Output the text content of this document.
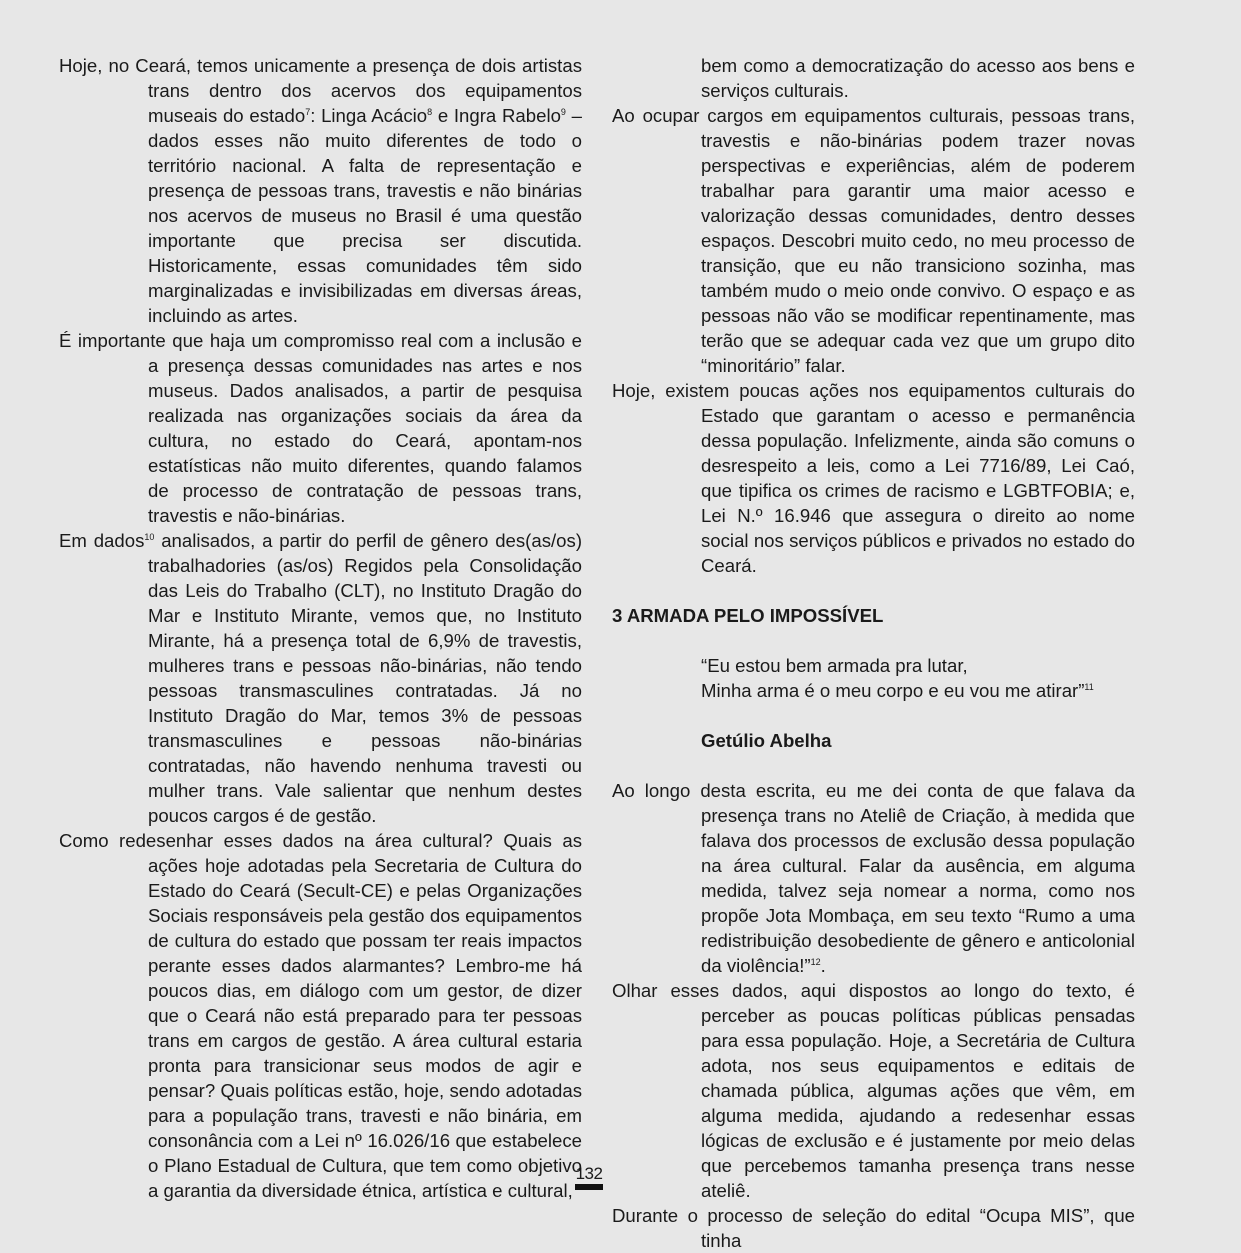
Hoje, no Ceará, temos unicamente a presença de dois artistas trans dentro dos acervos dos equipamentos museais do estado$^7$: Linga Acácio$^8$ e Ingra Rabelo$^9$ – dados esses não muito diferentes de todo o território nacional. A falta de representação e presença de pessoas trans, travestis e não binárias nos acervos de museus no Brasil é uma questão importante que precisa ser discutida. Historicamente, essas comunidades têm sido marginalizadas e invisibilizadas em diversas áreas, incluindo as artes.

É importante que haja um compromisso real com a inclusão e a presença dessas comunidades nas artes e nos museus. Dados analisados, a partir de pesquisa realizada nas organizações sociais da área da cultura, no estado do Ceará, apontam-nos estatísticas não muito diferentes, quando falamos de processo de contratação de pessoas trans, travestis e não-binárias.

Em dados$^{10}$ analisados, a partir do perfil de gênero des(as/os) trabalhadories (as/os) Regidos pela Consolidação das Leis do Trabalho (CLT), no Instituto Dragão do Mar e Instituto Mirante, vemos que, no Instituto Mirante, há a presença total de 6,9% de travestis, mulheres trans e pessoas não-binárias, não tendo pessoas transmasculines contratadas. Já no Instituto Dragão do Mar, temos 3% de pessoas transmasculines e pessoas não-binárias contratadas, não havendo nenhuma travesti ou mulher trans. Vale salientar que nenhum destes poucos cargos é de gestão.

Como redesenhar esses dados na área cultural? Quais as ações hoje adotadas pela Secretaria de Cultura do Estado do Ceará (Secult-CE) e pelas Organizações Sociais responsáveis pela gestão dos equipamentos de cultura do estado que possam ter reais impactos perante esses dados alarmantes? Lembro-me há poucos dias, em diálogo com um gestor, de dizer que o Ceará não está preparado para ter pessoas trans em cargos de gestão. A área cultural estaria pronta para transicionar seus modos de agir e pensar? Quais políticas estão, hoje, sendo adotadas para a população trans, travesti e não binária, em consonância com a Lei nº 16.026/16 que estabelece o Plano Estadual de Cultura, que tem como objetivo a garantia da diversidade étnica, artística e cultural,

bem como a democratização do acesso aos bens e serviços culturais.

Ao ocupar cargos em equipamentos culturais, pessoas trans, travestis e não-binárias podem trazer novas perspectivas e experiências, além de poderem trabalhar para garantir uma maior acesso e valorização dessas comunidades, dentro desses espaços. Descobri muito cedo, no meu processo de transição, que eu não transiciono sozinha, mas também mudo o meio onde convivo. O espaço e as pessoas não vão se modificar repentinamente, mas terão que se adequar cada vez que um grupo dito “minoritário” falar.

Hoje, existem poucas ações nos equipamentos culturais do Estado que garantam o acesso e permanência dessa população. Infelizmente, ainda são comuns o desrespeito a leis, como a Lei 7716/89, Lei Caó, que tipifica os crimes de racismo e LGBTFOBIA; e, Lei N.º 16.946 que assegura o direito ao nome social nos serviços públicos e privados no estado do Ceará.

3 ARMADA PELO IMPOSSÍVEL
“Eu estou bem armada pra lutar,
Minha arma é o meu corpo e eu vou me atirar”$^{11}$
Getúlio Abelha

Ao longo desta escrita, eu me dei conta de que falava da presença trans no Ateliê de Criação, à medida que falava dos processos de exclusão dessa população na área cultural. Falar da ausência, em alguma medida, talvez seja nomear a norma, como nos propõe Jota Mombaça, em seu texto “Rumo a uma redistribuição desobediente de gênero e anticolonial da violência!”$^{12}$.

Olhar esses dados, aqui dispostos ao longo do texto, é perceber as poucas políticas públicas pensadas para essa população. Hoje, a Secretária de Cultura adota, nos seus equipamentos e editais de chamada pública, algumas ações que vêm, em alguma medida, ajudando a redesenhar essas lógicas de exclusão e é justamente por meio delas que percebemos tamanha presença trans nesse ateliê.

Durante o processo de seleção do edital “Ocupa MIS”, que tinha

132
